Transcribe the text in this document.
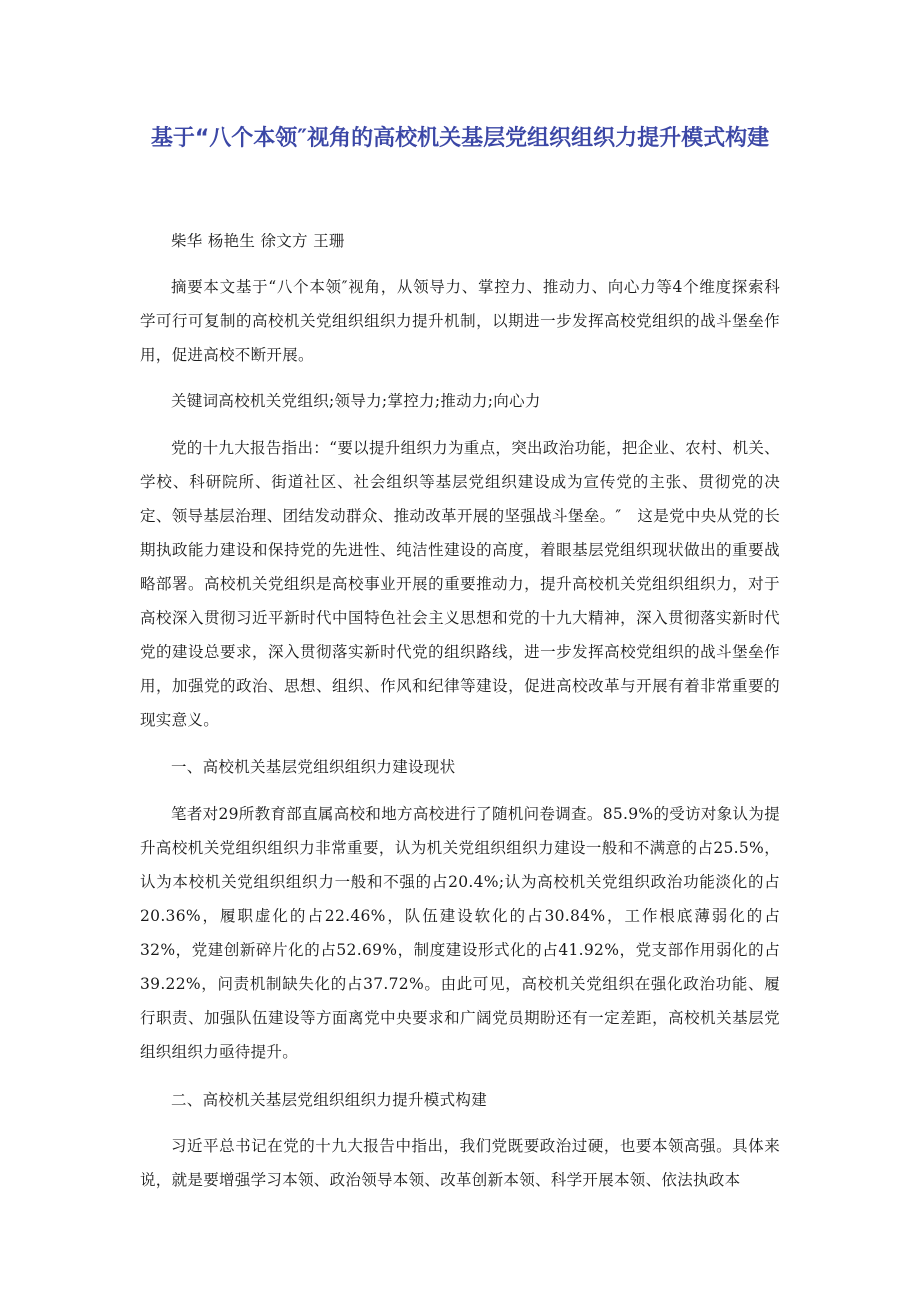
基于“八个本领″视角的高校机关基层党组织组织力提升模式构建

柴华 杨艳生 徐文方 王珊

摘要本文基于“八个本领″视角，从领导力、掌控力、推动力、向心力等4个维度探索科学可行可复制的高校机关党组织组织力提升机制，以期进一步发挥高校党组织的战斗堡垒作用，促进高校不断开展。

关键词高校机关党组织;领导力;掌控力;推动力;向心力

党的十九大报告指出：“要以提升组织力为重点，突出政治功能，把企业、农村、机关、学校、科研院所、街道社区、社会组织等基层党组织建设成为宣传党的主张、贯彻党的决定、领导基层治理、团结发动群众、推动改革开展的坚强战斗堡垒。″　这是党中央从党的长期执政能力建设和保持党的先进性、纯洁性建设的高度，着眼基层党组织现状做出的重要战略部署。高校机关党组织是高校事业开展的重要推动力，提升高校机关党组织组织力，对于高校深入贯彻习近平新时代中国特色社会主义思想和党的十九大精神，深入贯彻落实新时代党的建设总要求，深入贯彻落实新时代党的组织路线，进一步发挥高校党组织的战斗堡垒作用，加强党的政治、思想、组织、作风和纪律等建设，促进高校改革与开展有着非常重要的现实意义。

一、高校机关基层党组织组织力建设现状

笔者对29所教育部直属高校和地方高校进行了随机问卷调查。85.9%的受访对象认为提升高校机关党组织组织力非常重要，认为机关党组织组织力建设一般和不满意的占25.5%，认为本校机关党组织组织力一般和不强的占20.4%;认为高校机关党组织政治功能淡化的占20.36%，履职虚化的占22.46%，队伍建设软化的占30.84%，工作根底薄弱化的占32%，党建创新碎片化的占52.69%，制度建设形式化的占41.92%，党支部作用弱化的占39.22%，问责机制缺失化的占37.72%。由此可见，高校机关党组织在强化政治功能、履行职责、加强队伍建设等方面离党中央要求和广阔党员期盼还有一定差距，高校机关基层党组织组织力亟待提升。

二、高校机关基层党组织组织力提升模式构建

习近平总书记在党的十九大报告中指出，我们党既要政治过硬，也要本领高强。具体来说，就是要增强学习本领、政治领导本领、改革创新本领、科学开展本领、依法执政本
